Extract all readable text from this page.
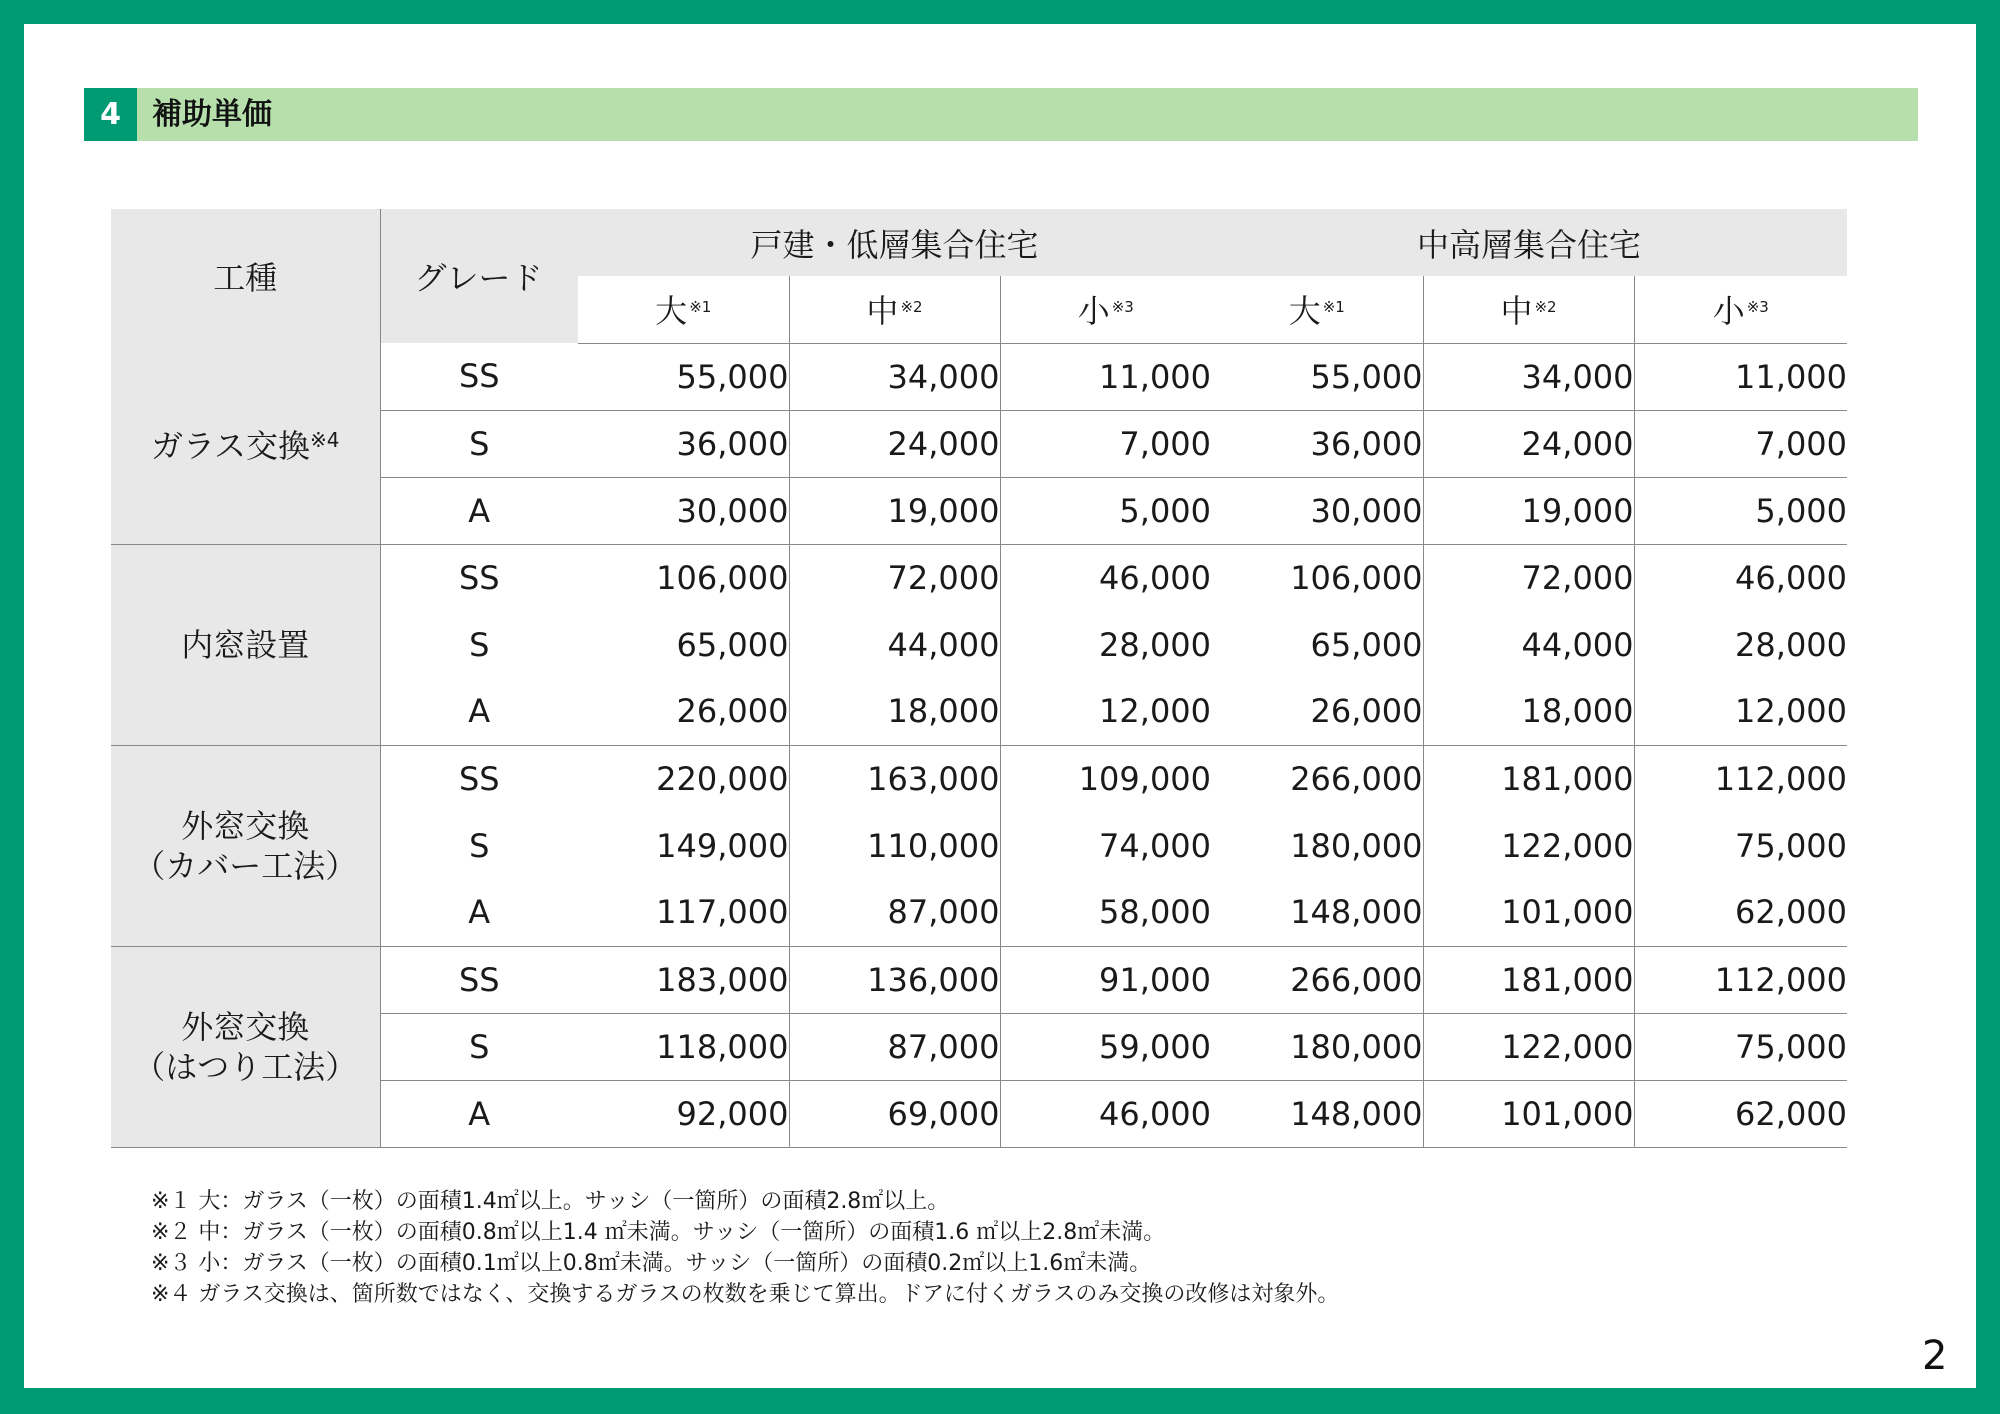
4	補助単価
工種	グレード	戸建・低層集合住宅			中高層集合住宅		
		大 $^{※1}$	中 $^{※2}$	小 $^{※3}$	大 $^{※1}$	中 $^{※2}$	小 $^{※3}$

ガラス交換$^{※4}$	SS	55,000	34,000	11,000	55,000	34,000	11,000
	S	36,000	24,000	7,000	36,000	24,000	7,000
	A	30,000	19,000	5,000	30,000	19,000	5,000

内窓設置	SS	106,000	72,000	46,000	106,000	72,000	46,000
	S	65,000	44,000	28,000	65,000	44,000	28,000
	A	26,000	18,000	12,000	26,000	18,000	12,000

外窓交換
（カバー工法）	SS	220,000	163,000	109,000	266,000	181,000	112,000
	S	149,000	110,000	74,000	180,000	122,000	75,000
	A	117,000	87,000	58,000	148,000	101,000	62,000

外窓交換
（はつり工法）	SS	183,000	136,000	91,000	266,000	181,000	112,000
	S	118,000	87,000	59,000	180,000	122,000	75,000
	A	92,000	69,000	46,000	148,000	101,000	62,000
※１ 大：ガラス（一枚）の面積1.4㎡以上。サッシ（一箇所）の面積2.8㎡以上。
※２ 中：ガラス（一枚）の面積0.8㎡以上1.4 ㎡未満。サッシ（一箇所）の面積1.6 ㎡以上2.8㎡未満。
※３ 小：ガラス（一枚）の面積0.1㎡以上0.8㎡未満。サッシ（一箇所）の面積0.2㎡以上1.6㎡未満。
※４ ガラス交換は、箇所数ではなく、交換するガラスの枚数を乗じて算出。ドアに付くガラスのみ交換の改修は対象外。
2
